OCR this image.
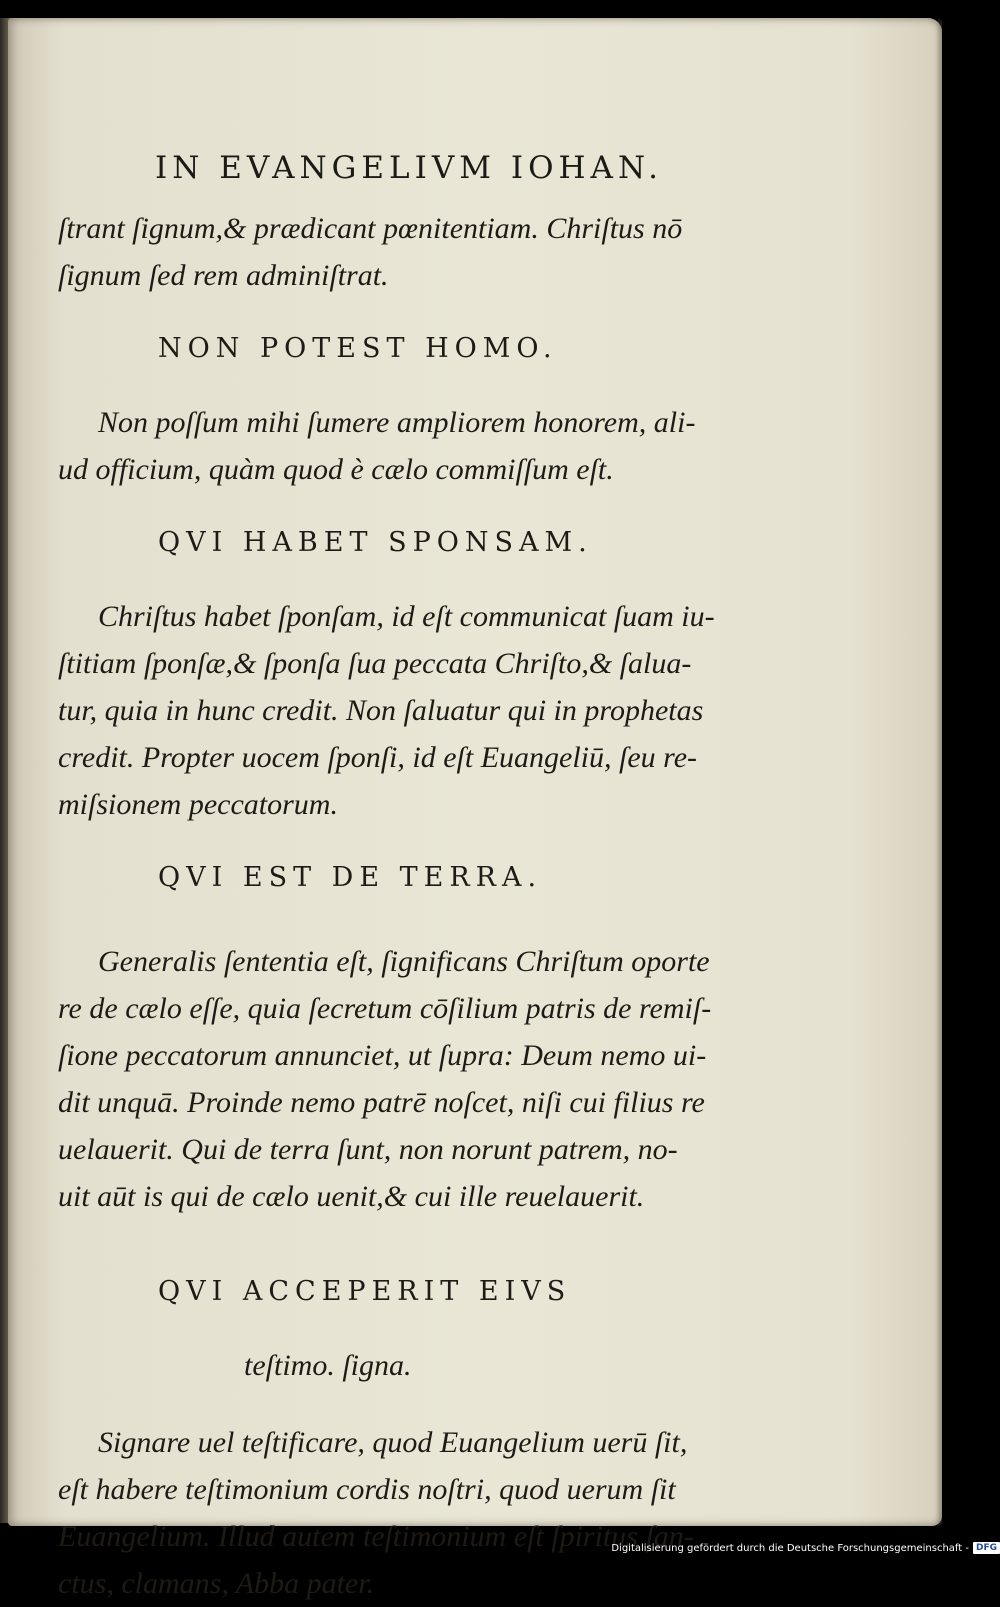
IN EVANGELIVM IOHAN.

ſtrant ſignum,& prædicant pœnitentiam. Chriſtus nō

ſignum ſed rem adminiſtrat.

NON POTEST HOMO.

Non poſſum mihi ſumere ampliorem honorem, ali-

ud officium, quàm quod è cælo commiſſum eſt.

QVI HABET SPONSAM.

Chriſtus habet ſponſam, id eſt communicat ſuam iu-

ſtitiam ſponſæ,& ſponſa ſua peccata Chriſto,& ſalua-

tur, quia in hunc credit. Non ſaluatur qui in prophetas

credit. Propter uocem ſponſi, id eſt Euangeliū, ſeu re-

miſsionem peccatorum.

QVI EST DE TERRA.

Generalis ſententia eſt, ſignificans Chriſtum oporte

re de cælo eſſe, quia ſecretum cōſilium patris de remiſ-

ſione peccatorum annunciet, ut ſupra: Deum nemo ui-

dit unquā. Proinde nemo patrē noſcet, niſi cui filius re

uelauerit. Qui de terra ſunt, non norunt patrem, no-

uit aūt is qui de cælo uenit,& cui ille reuelauerit.

QVI ACCEPERIT EIVS

teſtimo. ſigna.

Signare uel teſtificare, quod Euangelium uerū ſit,

eſt habere teſtimonium cordis noſtri, quod uerum ſit

Euangelium. Illud autem teſtimonium eſt ſpiritus ſan-

ctus, clamans, Abba pater.

Digitalisierung gefördert durch die Deutsche Forschungsgemeinschaft - DFG
